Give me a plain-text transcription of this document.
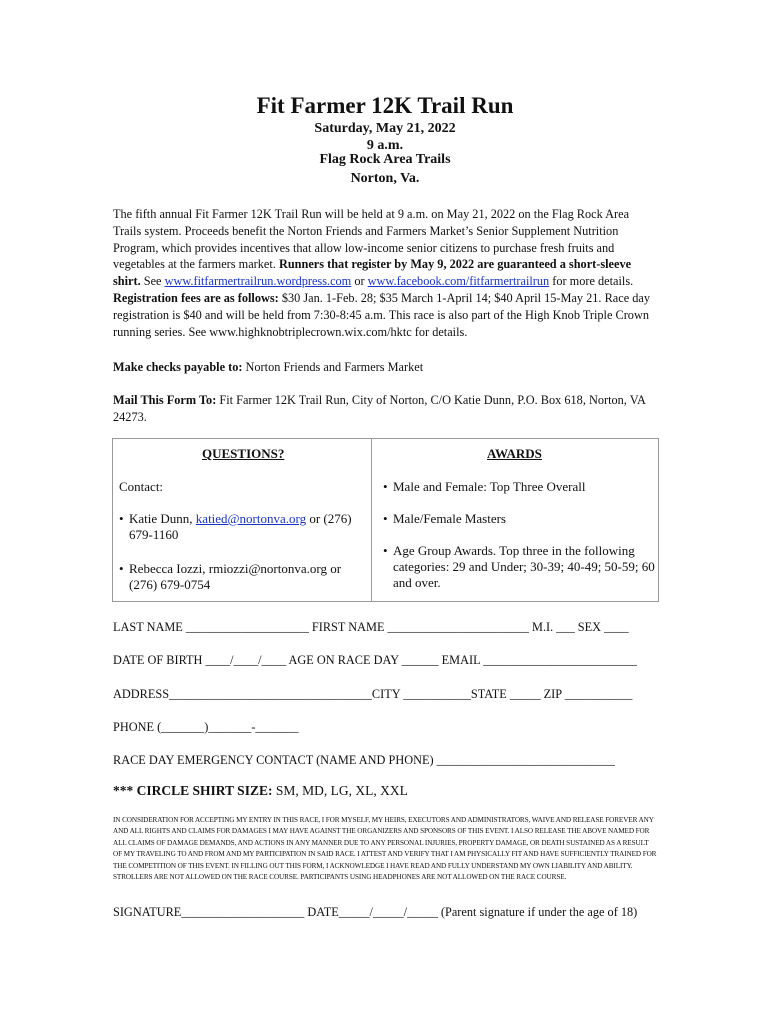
Fit Farmer 12K Trail Run
Saturday, May 21, 2022
9 a.m.
Flag Rock Area Trails
Norton, Va.
The fifth annual Fit Farmer 12K Trail Run will be held at 9 a.m. on May 21, 2022 on the Flag Rock Area Trails system. Proceeds benefit the Norton Friends and Farmers Market’s Senior Supplement Nutrition Program, which provides incentives that allow low-income senior citizens to purchase fresh fruits and vegetables at the farmers market. Runners that register by May 9, 2022 are guaranteed a short-sleeve shirt. See www.fitfarmertrailrun.wordpress.com or www.facebook.com/fitfarmertrailrun for more details.
Registration fees are as follows: $30 Jan. 1-Feb. 28; $35 March 1-April 14; $40 April 15-May 21. Race day registration is $40 and will be held from 7:30-8:45 a.m. This race is also part of the High Knob Triple Crown running series. See www.highknobtriplecrown.wix.com/hktc for details.
Make checks payable to: Norton Friends and Farmers Market
Mail This Form To: Fit Farmer 12K Trail Run, City of Norton, C/O Katie Dunn, P.O. Box 618, Norton, VA 24273.
QUESTIONS?	AWARDS
Contact:
• Katie Dunn, katied@nortonva.org or (276) 679-1160
• Rebecca Iozzi, rmiozzi@nortonva.org or (276) 679-0754
• Male and Female: Top Three Overall
• Male/Female Masters
• Age Group Awards. Top three in the following categories: 29 and Under; 30-39; 40-49; 50-59; 60 and over.
LAST NAME ____________________ FIRST NAME _______________________ M.I. ___ SEX ____
DATE OF BIRTH ____/____/____ AGE ON RACE DAY ______ EMAIL _________________________
ADDRESS_________________________________CITY ___________STATE _____ ZIP ___________
PHONE (_______)_______-_______
RACE DAY EMERGENCY CONTACT (NAME AND PHONE) _____________________________
*** CIRCLE SHIRT SIZE: SM, MD, LG, XL, XXL
IN CONSIDERATION FOR ACCEPTING MY ENTRY IN THIS RACE, I FOR MYSELF, MY HEIRS, EXECUTORS AND ADMINISTRATORS, WAIVE AND RELEASE FOREVER ANY AND ALL RIGHTS AND CLAIMS FOR DAMAGES I MAY HAVE AGAINST THE ORGANIZERS AND SPONSORS OF THIS EVENT. I ALSO RELEASE THE ABOVE NAMED FOR ALL CLAIMS OF DAMAGE DEMANDS, AND ACTIONS IN ANY MANNER DUE TO ANY PERSONAL INJURIES, PROPERTY DAMAGE, OR DEATH SUSTAINED AS A RESULT OF MY TRAVELING TO AND FROM AND MY PARTICIPATION IN SAID RACE. I ATTEST AND VERIFY THAT I AM PHYSICALLY FIT AND HAVE SUFFICIENTLY TRAINED FOR THE COMPETITION OF THIS EVENT. IN FILLING OUT THIS FORM, I ACKNOWLEDGE I HAVE READ AND FULLY UNDERSTAND MY OWN LIABILITY AND ABILITY. STROLLERS ARE NOT ALLOWED ON THE RACE COURSE. PARTICIPANTS USING HEADPHONES ARE NOT ALLOWED ON THE RACE COURSE.
SIGNATURE____________________ DATE_____/_____/_____ (Parent signature if under the age of 18)
